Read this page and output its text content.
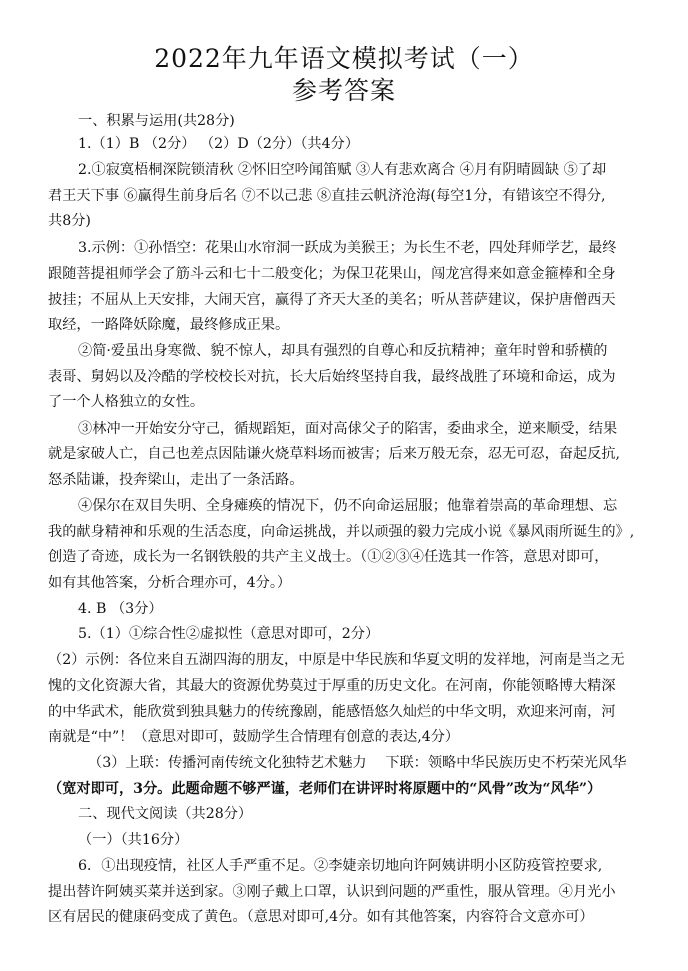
2022年九年语文模拟考试（一）
参考答案
一、积累与运用(共28分)
1.（1）B （2分） （2）D（2分）（共4分）
2.①寂寞梧桐深院锁清秋 ②怀旧空吟闻笛赋 ③人有悲欢离合 ④月有阴晴圆缺 ⑤了却
君王天下事 ⑥赢得生前身后名 ⑦不以己悲 ⑧直挂云帆济沧海(每空1分，有错该空不得分,
共8分)
3.示例：①孙悟空：花果山水帘洞一跃成为美猴王；为长生不老，四处拜师学艺，最终
跟随菩提祖师学会了筋斗云和七十二般变化；为保卫花果山，闯龙宫得来如意金箍棒和全身
披挂；不屈从上天安排，大闹天宫，赢得了齐天大圣的美名；听从菩萨建议，保护唐僧西天
取经，一路降妖除魔，最终修成正果。
②简·爱虽出身寒微、貌不惊人，却具有强烈的自尊心和反抗精神；童年时曾和骄横的
表哥、舅妈以及冷酷的学校校长对抗，长大后始终坚持自我，最终战胜了环境和命运，成为
了一个人格独立的女性。
③林冲一开始安分守己，循规蹈矩，面对高俅父子的陷害，委曲求全，逆来顺受，结果
就是家破人亡，自己也差点因陆谦火烧草料场而被害；后来万般无奈，忍无可忍，奋起反抗,
怒杀陆谦，投奔梁山，走出了一条活路。
④保尔在双目失明、全身瘫痪的情况下，仍不向命运屈服；他靠着崇高的革命理想、忘
我的献身精神和乐观的生活态度，向命运挑战，并以顽强的毅力完成小说《暴风雨所诞生的》,
创造了奇迹，成长为一名钢铁般的共产主义战士。（①②③④任选其一作答，意思对即可，
如有其他答案，分析合理亦可，4分。）
4. B （3分）
5.（1）①综合性②虚拟性（意思对即可，2分）
（2）示例：各位来自五湖四海的朋友，中原是中华民族和华夏文明的发祥地，河南是当之无
愧的文化资源大省，其最大的资源优势莫过于厚重的历史文化。在河南，你能领略博大精深
的中华武术，能欣赏到独具魅力的传统豫剧，能感悟悠久灿烂的中华文明，欢迎来河南，河
南就是“中”！（意思对即可，鼓励学生合情理有创意的表达,4分）
（3）上联：传播河南传统文化独特艺术魅力　 下联：领略中华民族历史不朽荣光风华
（宽对即可，3分。此题命题不够严谨，老师们在讲评时将原题中的“风骨”改为“风华”）
二、现代文阅读（共28分）
（一）（共16分）
6．①出现疫情，社区人手严重不足。②李婕亲切地向许阿姨讲明小区防疫管控要求,
提出替许阿姨买菜并送到家。③刚子戴上口罩，认识到问题的严重性，服从管理。④月光小
区有居民的健康码变成了黄色。（意思对即可,4分。如有其他答案，内容符合文意亦可）
